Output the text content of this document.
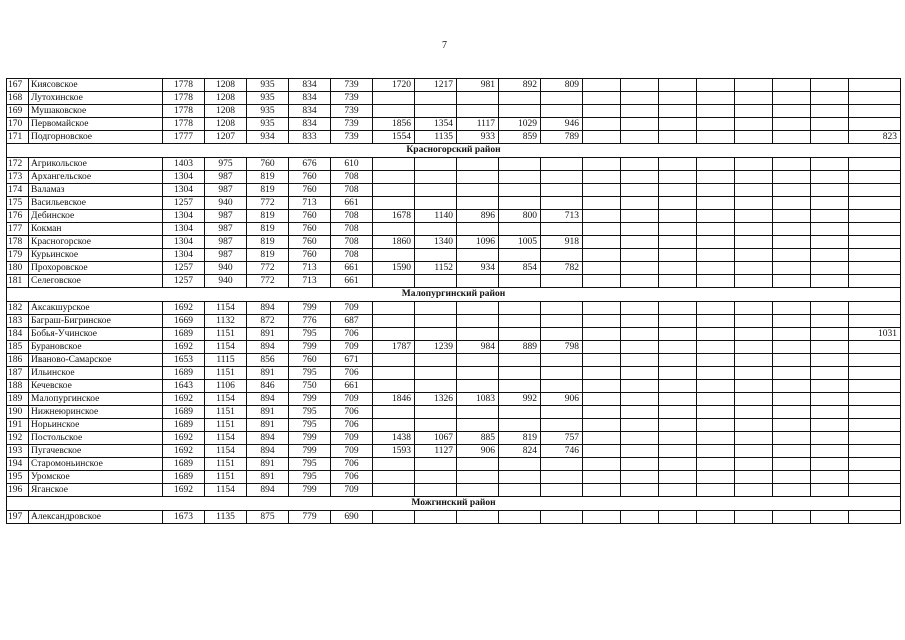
7
167	Киясовское	1778	1208	935	834	739	1720	1217	981	892	809								
168	Лутохинское	1778	1208	935	834	739													
169	Мушаковское	1778	1208	935	834	739													
170	Первомайское	1778	1208	935	834	739	1856	1354	1117	1029	946								
171	Подгорновское	1777	1207	934	833	739	1554	1135	933	859	789								823
Красногорский район																			
172	Агрикольское	1403	975	760	676	610													
173	Архангельское	1304	987	819	760	708													
174	Валамаз	1304	987	819	760	708													
175	Васильевское	1257	940	772	713	661													
176	Дебинское	1304	987	819	760	708	1678	1140	896	800	713								
177	Кокман	1304	987	819	760	708													
178	Красногорское	1304	987	819	760	708	1860	1340	1096	1005	918								
179	Курьинское	1304	987	819	760	708													
180	Прохоровское	1257	940	772	713	661	1590	1152	934	854	782								
181	Селеговское	1257	940	772	713	661													
Малопургинский район																			
182	Аксакшурское	1692	1154	894	799	709													
183	Баграш-Бигринское	1669	1132	872	776	687													
184	Бобья-Учинское	1689	1151	891	795	706													1031
185	Бурановское	1692	1154	894	799	709	1787	1239	984	889	798								
186	Иваново-Самарское	1653	1115	856	760	671													
187	Ильинское	1689	1151	891	795	706													
188	Кечевское	1643	1106	846	750	661													
189	Малопургинское	1692	1154	894	799	709	1846	1326	1083	992	906								
190	Нижнеюринское	1689	1151	891	795	706													
191	Норьинское	1689	1151	891	795	706													
192	Постольское	1692	1154	894	799	709	1438	1067	885	819	757								
193	Пугачевское	1692	1154	894	799	709	1593	1127	906	824	746								
194	Старомоньинское	1689	1151	891	795	706													
195	Уромское	1689	1151	891	795	706													
196	Яганское	1692	1154	894	799	709													
Можгинский район																			
197	Александровское	1673	1135	875	779	690													
